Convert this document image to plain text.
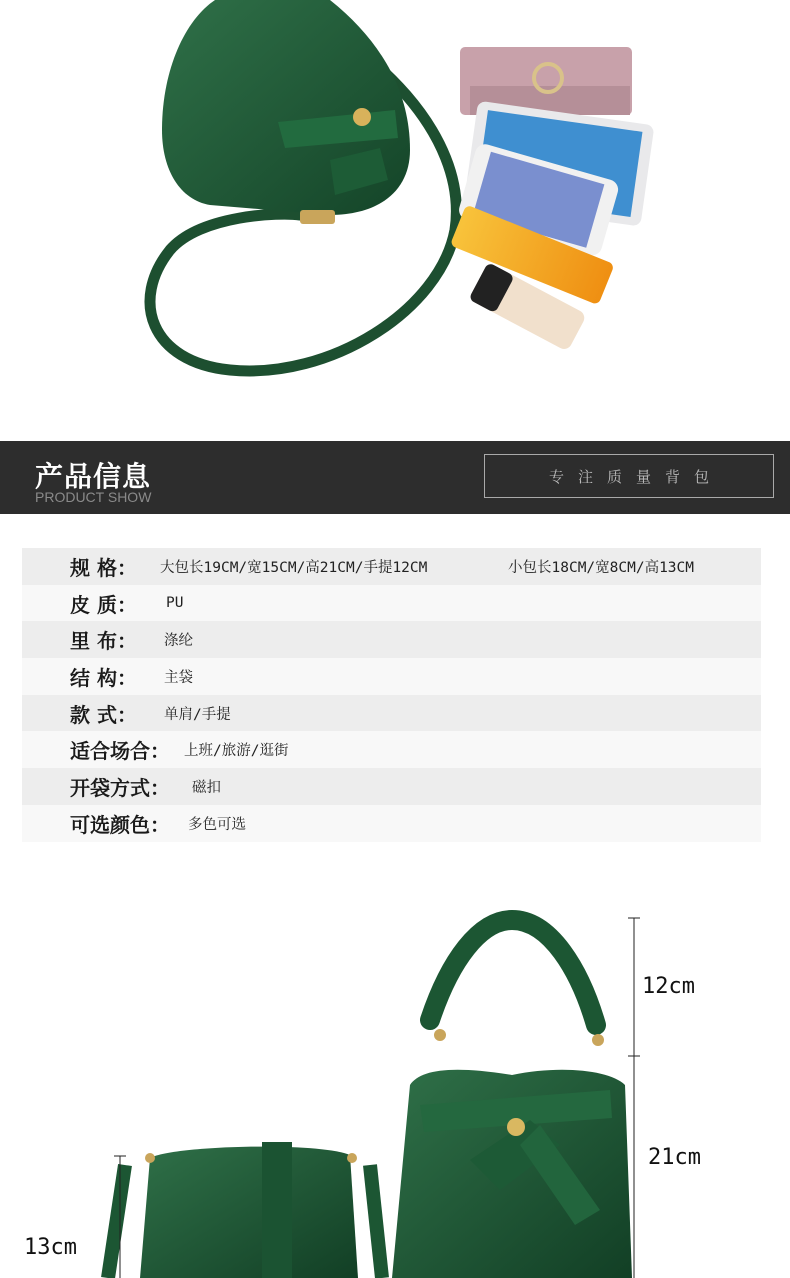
产品信息
PRODUCT SHOW
专注质量背包
规 格： 大包长19CM/宽15CM/高21CM/手提12CM	小包长18CM/宽8CM/高13CM
皮 质： PU
里 布： 涤纶
结 构： 主袋
款 式： 单肩/手提
适合场合： 上班/旅游/逛街
开袋方式： 磁扣
可选颜色： 多色可选
12cm
21cm
13cm
